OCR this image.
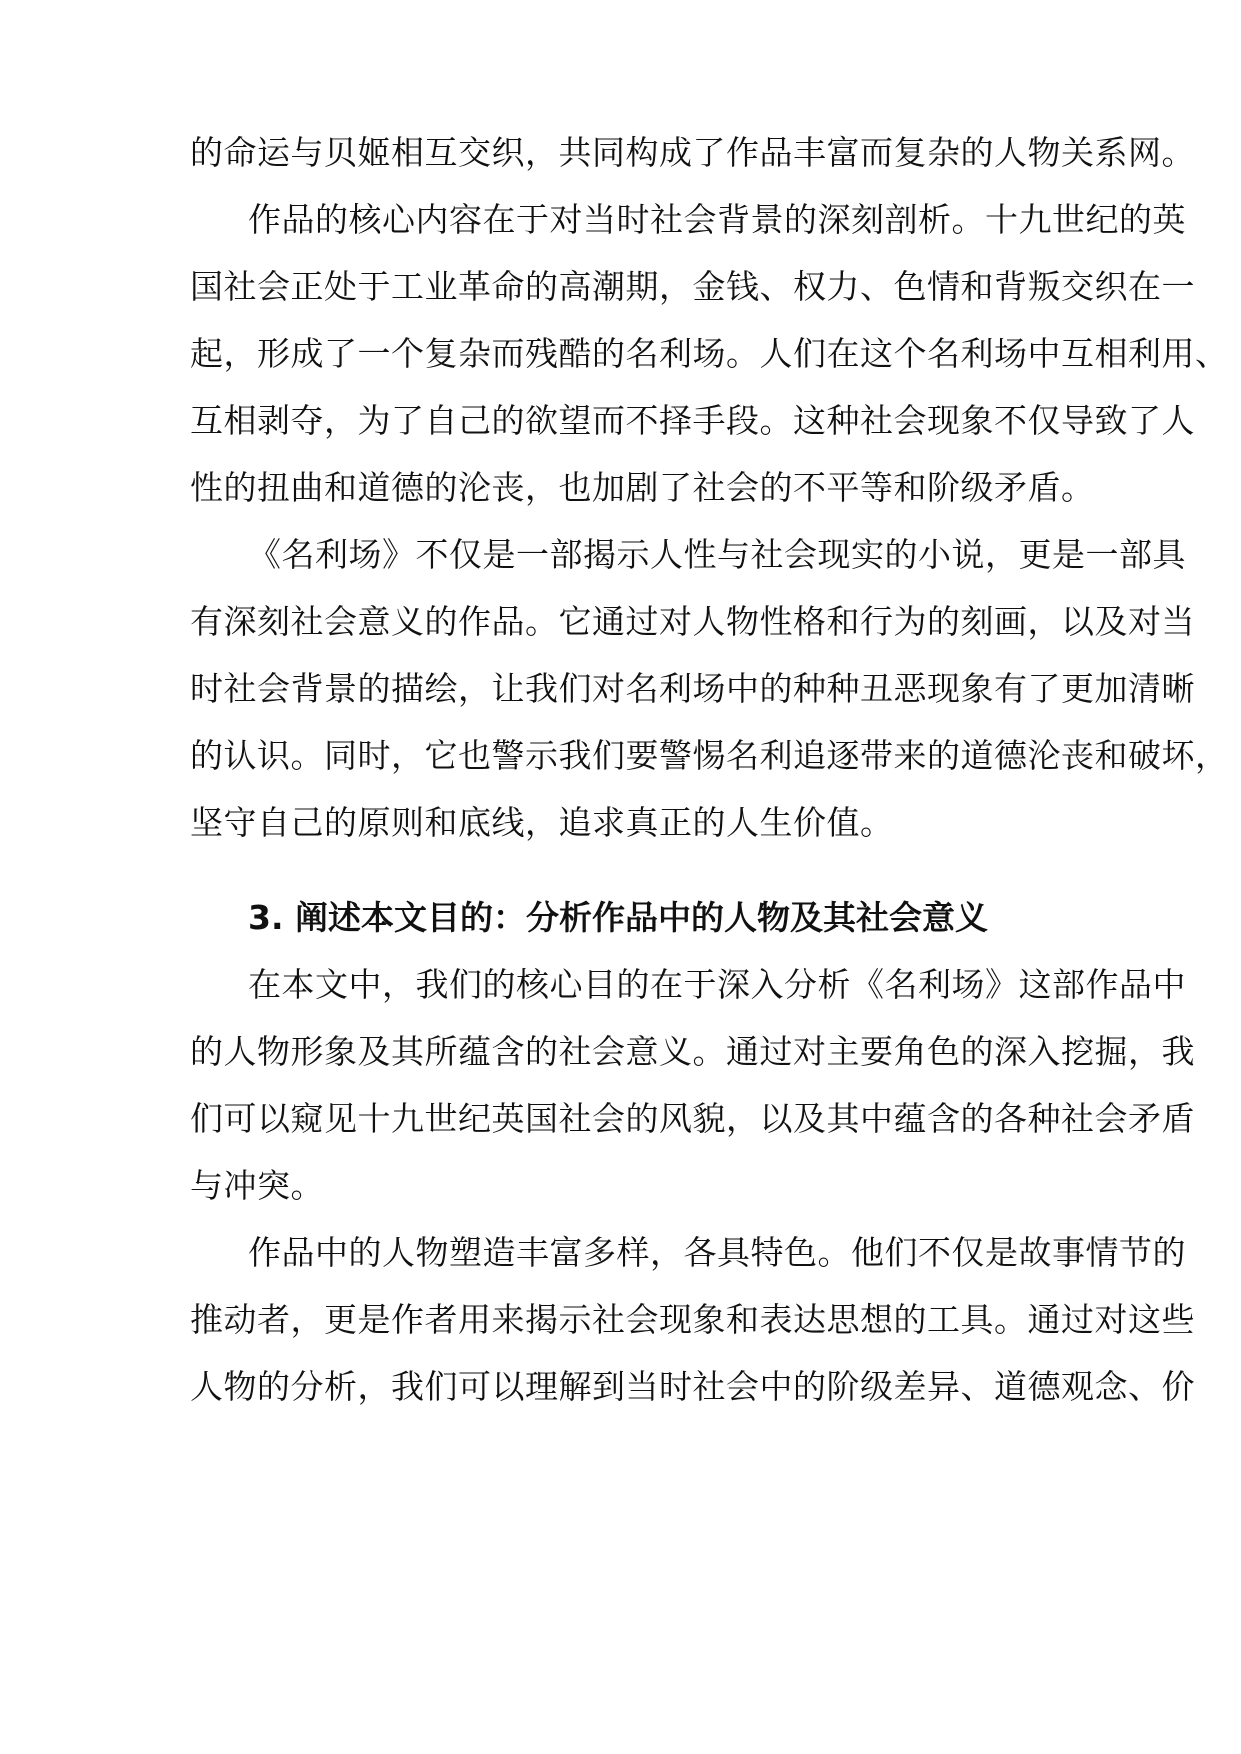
的命运与贝姬相互交织，共同构成了作品丰富而复杂的人物关系网。
作品的核心内容在于对当时社会背景的深刻剖析。十九世纪的英
国社会正处于工业革命的高潮期，金钱、权力、色情和背叛交织在一
起，形成了一个复杂而残酷的名利场。人们在这个名利场中互相利用、
互相剥夺，为了自己的欲望而不择手段。这种社会现象不仅导致了人
性的扭曲和道德的沦丧，也加剧了社会的不平等和阶级矛盾。
《名利场》不仅是一部揭示人性与社会现实的小说，更是一部具
有深刻社会意义的作品。它通过对人物性格和行为的刻画，以及对当
时社会背景的描绘，让我们对名利场中的种种丑恶现象有了更加清晰
的认识。同时，它也警示我们要警惕名利追逐带来的道德沦丧和破坏，
坚守自己的原则和底线，追求真正的人生价值。
3. 阐述本文目的：分析作品中的人物及其社会意义
在本文中，我们的核心目的在于深入分析《名利场》这部作品中
的人物形象及其所蕴含的社会意义。通过对主要角色的深入挖掘，我
们可以窥见十九世纪英国社会的风貌，以及其中蕴含的各种社会矛盾
与冲突。
作品中的人物塑造丰富多样，各具特色。他们不仅是故事情节的
推动者，更是作者用来揭示社会现象和表达思想的工具。通过对这些
人物的分析，我们可以理解到当时社会中的阶级差异、道德观念、价
